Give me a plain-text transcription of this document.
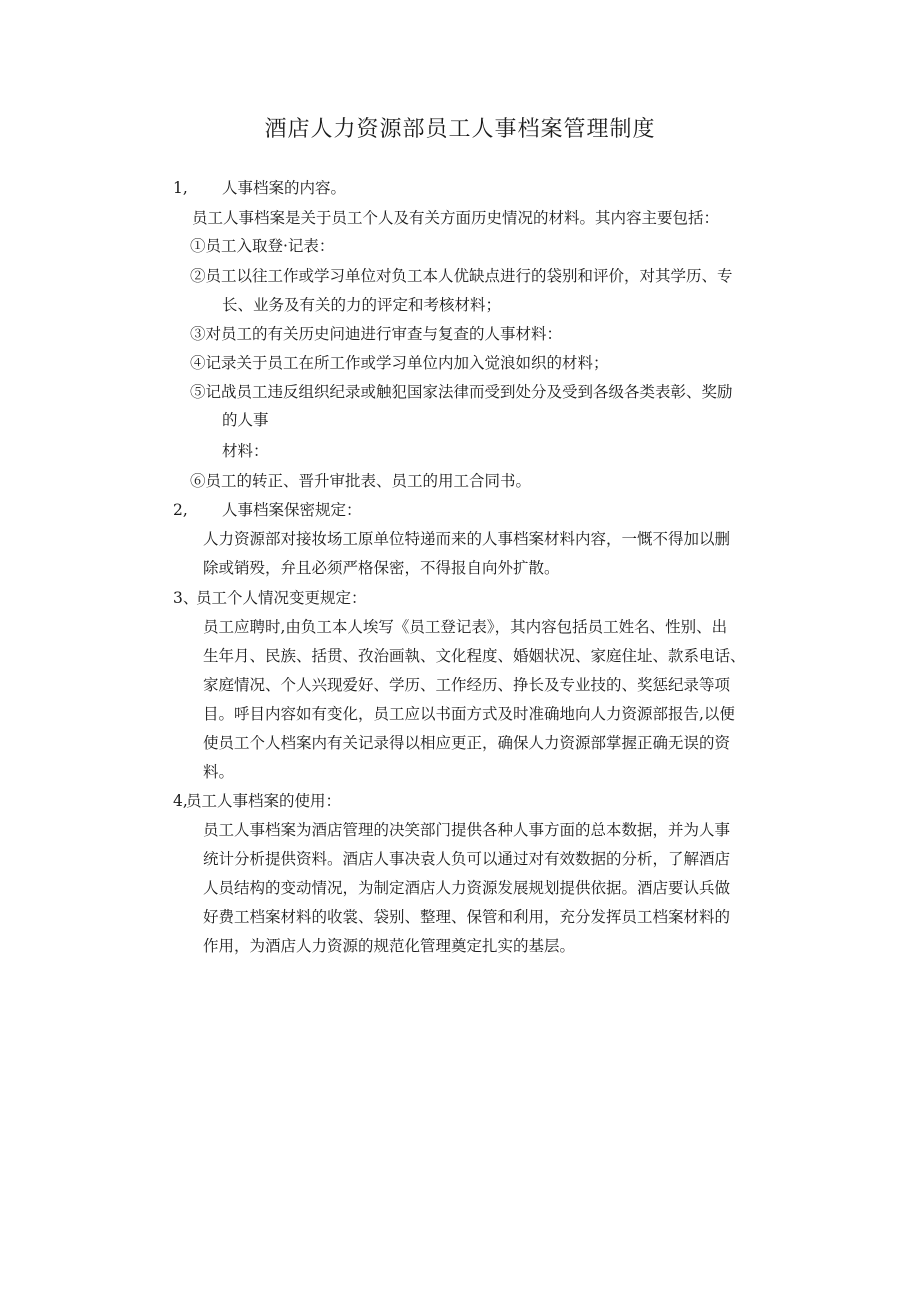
酒店人力资源部员工人事档案管理制度
1, 人事档案的内容。
员工人事档案是关于员工个人及有关方面历史情况的材料。其内容主要包括：
①员工入取登·记表：
②员工以往工作或学习单位对负工本人优缺点进行的袋别和评价，对其学历、专
长、业务及有关的力的评定和考核材料；
③对员工的有关历史问迪进行审查与复查的人事材料：
④记录关于员工在所工作或学习单位内加入觉浪如织的材料；
⑤记战员工违反组织纪录或触犯国家法律而受到处分及受到各级各类表彰、奖励
的人事
材料：
⑥员工的转正、晋升审批表、员工的用工合同书。
2, 人事档案保密规定：
人力资源部对接妆场工原单位特递而来的人事档案材料内容，一慨不得加以删
除或销殁，弁且必须严格保密，不得报自向外扩散。
3、
员工个人情况变更规定：
员工应聘时,由负工本人埃写《员工登记表》，其内容包括员工姓名、性别、出
生年月、民族、括贯、孜治画執、文化程度、婚姻状况、家庭住址、款系电话、
家庭情况、个人兴现爱好、学历、工作经历、挣长及专业技的、奖惩纪录等项
目。呼目内容如有变化，员工应以书面方式及时准确地向人力资源部报告,以便
使员工个人档案内有关记录得以相应更正，确保人力资源部掌握正确无误的资
料。
4,
员工人事档案的使用：
员工人事档案为酒店管理的决笑部门提供各种人事方面的总本数据，并为人事
统计分析提供资料。酒店人事决袁人负可以通过对有效数据的分析，了解酒店
人员结构的变动情况，为制定酒店人力资源发展规划提供依据。酒店要认兵做
好费工档案材料的收裳、袋别、整理、保管和利用，充分发挥员工档案材料的
作用，为酒店人力资源的规范化管理奠定扎实的基层。
